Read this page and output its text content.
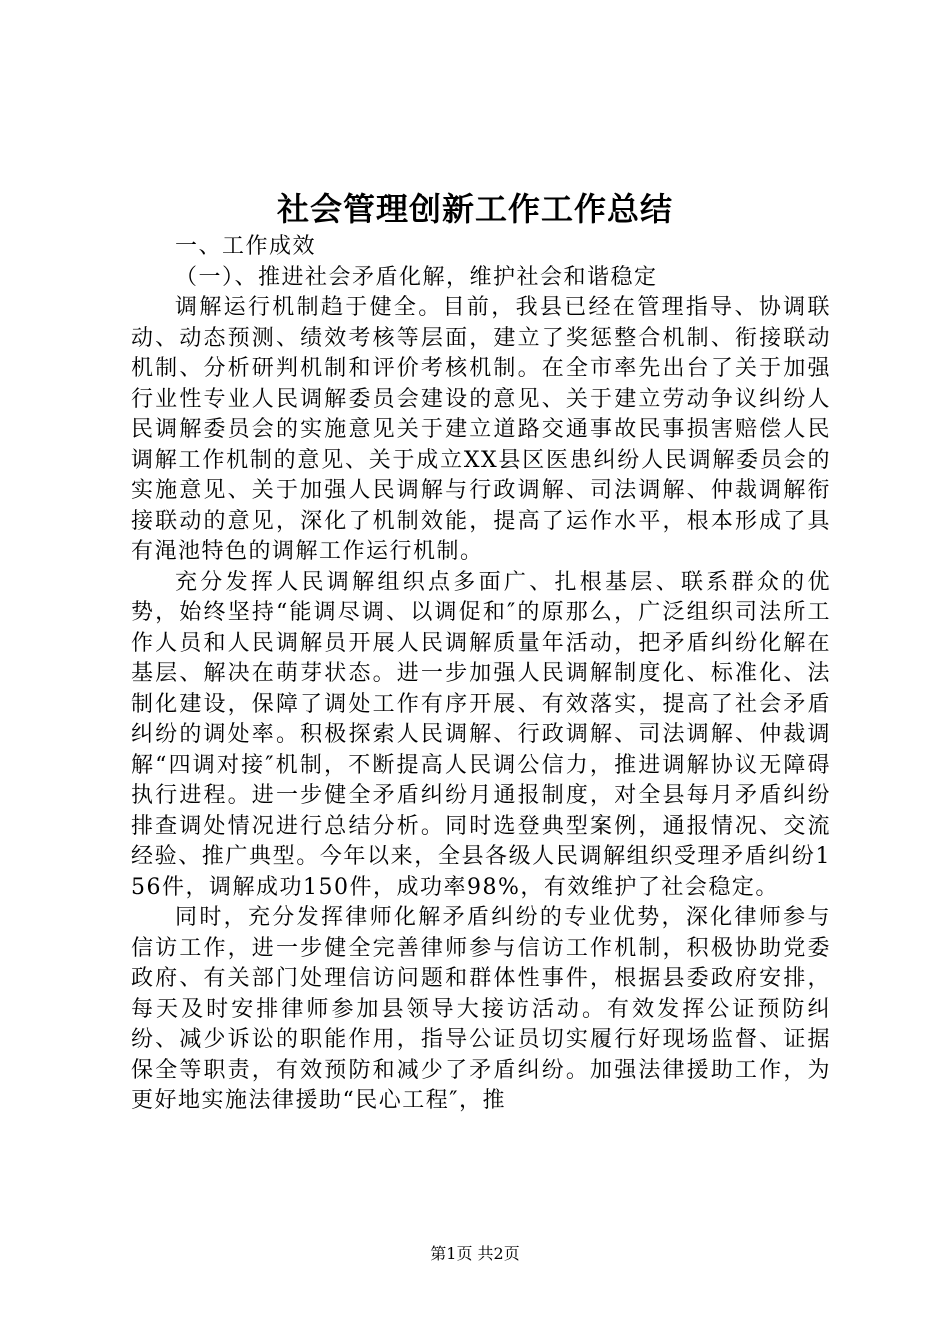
社会管理创新工作工作总结

一、工作成效

（一）、推进社会矛盾化解，维护社会和谐稳定

调解运行机制趋于健全。目前，我县已经在管理指导、协调联动、动态预测、绩效考核等层面，建立了奖惩整合机制、衔接联动机制、分析研判机制和评价考核机制。在全市率先出台了关于加强行业性专业人民调解委员会建设的意见、关于建立劳动争议纠纷人民调解委员会的实施意见关于建立道路交通事故民事损害赔偿人民调解工作机制的意见、关于成立XX县区医患纠纷人民调解委员会的实施意见、关于加强人民调解与行政调解、司法调解、仲裁调解衔接联动的意见，深化了机制效能，提高了运作水平，根本形成了具有渑池特色的调解工作运行机制。

充分发挥人民调解组织点多面广、扎根基层、联系群众的优势，始终坚持“能调尽调、以调促和″的原那么，广泛组织司法所工作人员和人民调解员开展人民调解质量年活动，把矛盾纠纷化解在基层、解决在萌芽状态。进一步加强人民调解制度化、标准化、法制化建设，保障了调处工作有序开展、有效落实，提高了社会矛盾纠纷的调处率。积极探索人民调解、行政调解、司法调解、仲裁调解“四调对接″机制，不断提高人民调公信力，推进调解协议无障碍执行进程。进一步健全矛盾纠纷月通报制度，对全县每月矛盾纠纷排查调处情况进行总结分析。同时选登典型案例，通报情况、交流经验、推广典型。今年以来，全县各级人民调解组织受理矛盾纠纷156件，调解成功150件，成功率98%，有效维护了社会稳定。

同时，充分发挥律师化解矛盾纠纷的专业优势，深化律师参与信访工作，进一步健全完善律师参与信访工作机制，积极协助党委政府、有关部门处理信访问题和群体性事件，根据县委政府安排，每天及时安排律师参加县领导大接访活动。有效发挥公证预防纠纷、减少诉讼的职能作用，指导公证员切实履行好现场监督、证据保全等职责，有效预防和减少了矛盾纠纷。加强法律援助工作，为更好地实施法律援助“民心工程″，推

第1页 共2页
